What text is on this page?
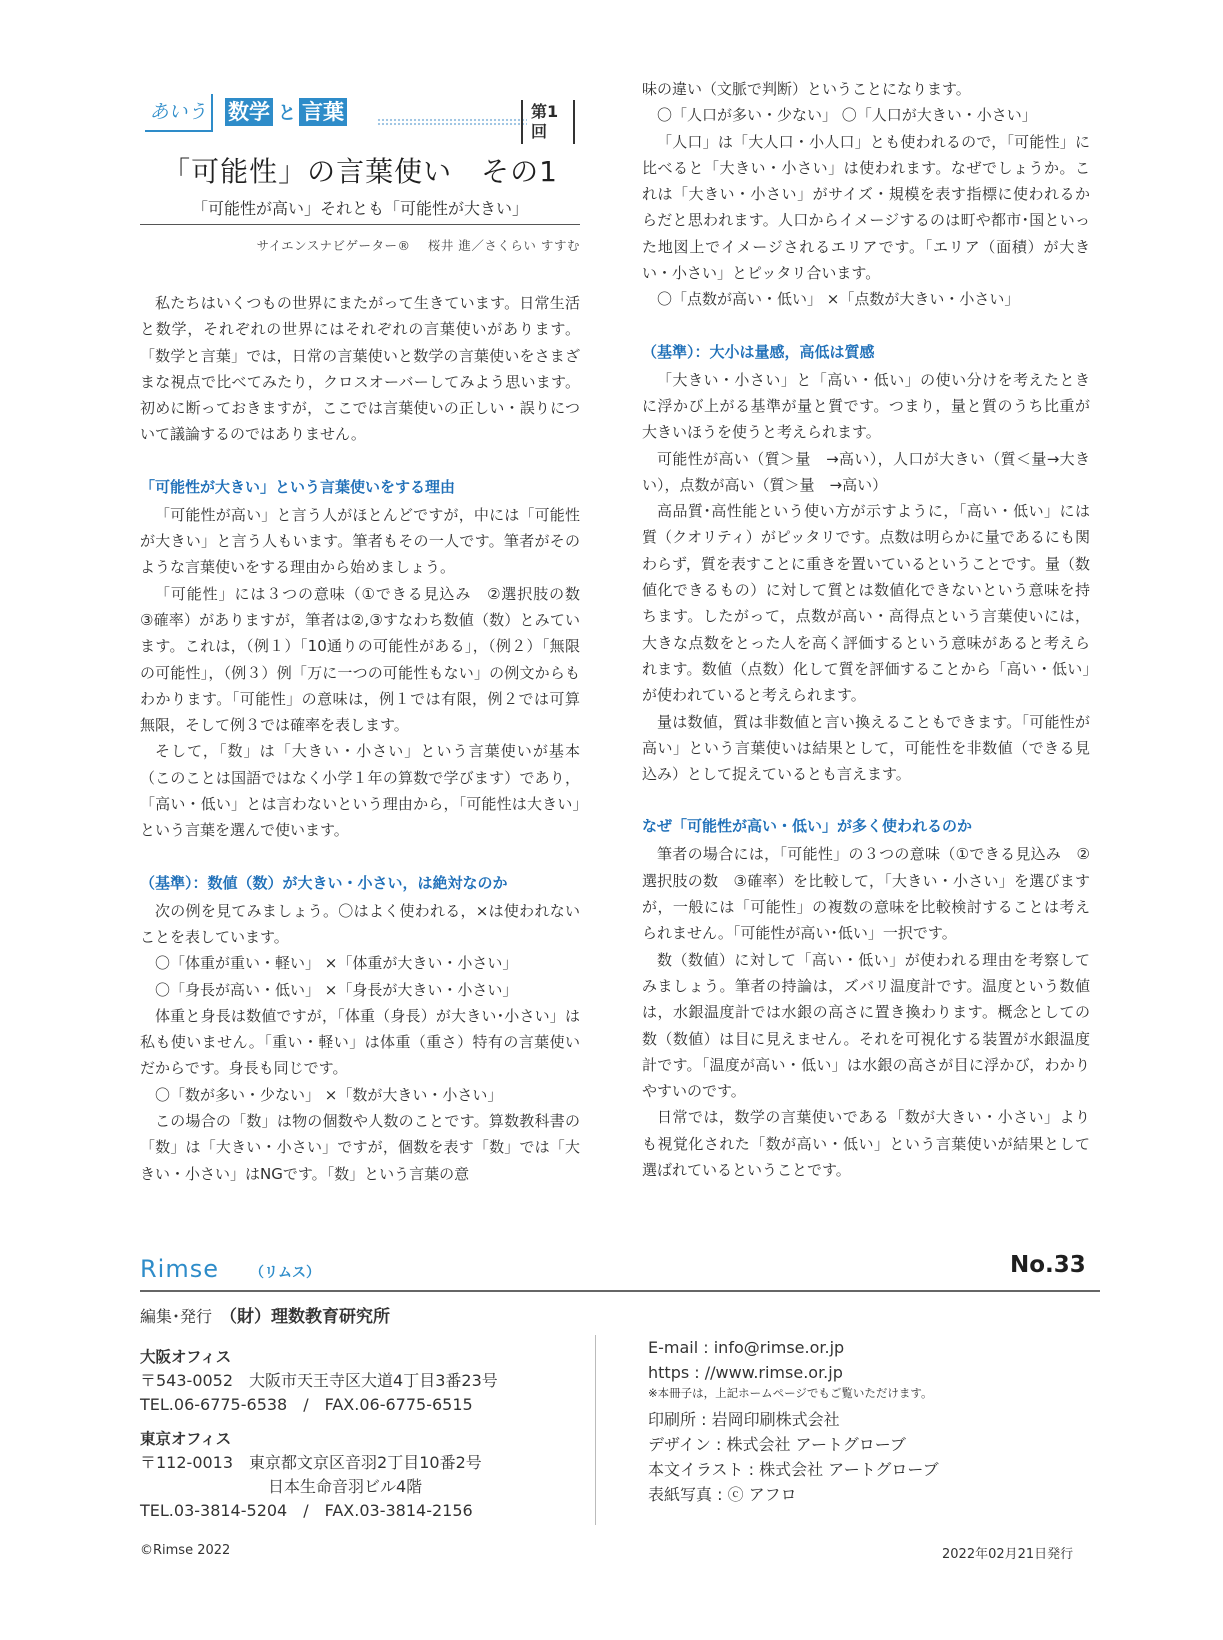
あいう	数学 と 言葉	第1回
「可能性」の言葉使い　その1
「可能性が高い」それとも「可能性が大きい」
サイエンスナビゲーター® 　桜井 進／さくらい すすむ

私たちはいくつもの世界にまたがって生きています。日常生活と数学，それぞれの世界にはそれぞれの言葉使いがあります。「数学と言葉」では，日常の言葉使いと数学の言葉使いをさまざまな視点で比べてみたり，クロスオーバーしてみよう思います。初めに断っておきますが，ここでは言葉使いの正しい・誤りについて議論するのではありません。

「可能性が大きい」という言葉使いをする理由

「可能性が高い」と言う人がほとんどですが，中には「可能性が大きい」と言う人もいます。筆者もその一人です。筆者がそのような言葉使いをする理由から始めましょう。

「可能性」には３つの意味（①できる見込み　②選択肢の数　③確率）がありますが，筆者は②,③すなわち数値（数）とみています。これは，（例１）「10通りの可能性がある」，（例２）「無限の可能性」，（例３）例「万に一つの可能性もない」の例文からもわかります。「可能性」の意味は，例１では有限，例２では可算無限，そして例３では確率を表します。

そして，「数」は「大きい・小さい」という言葉使いが基本（このことは国語ではなく小学１年の算数で学びます）であり，「高い・低い」とは言わないという理由から，「可能性は大きい」という言葉を選んで使います。

（基準）：数値（数）が大きい・小さい，は絶対なのか

次の例を見てみましょう。〇はよく使われる，×は使われないことを表しています。

〇「体重が重い・軽い」 ×「体重が大きい・小さい」

〇「身長が高い・低い」 ×「身長が大きい・小さい」

体重と身長は数値ですが，「体重（身長）が大きい･小さい」は私も使いません。「重い・軽い」は体重（重さ）特有の言葉使いだからです。身長も同じです。

〇「数が多い・少ない」 ×「数が大きい・小さい」

この場合の「数」は物の個数や人数のことです。算数教科書の「数」は「大きい・小さい」ですが，個数を表す「数」では「大きい・小さい」はNGです。「数」という言葉の意

味の違い（文脈で判断）ということになります。

〇「人口が多い・少ない」 〇「人口が大きい・小さい」

「人口」は「大人口・小人口」とも使われるので，「可能性」に比べると「大きい・小さい」は使われます。なぜでしょうか。これは「大きい・小さい」がサイズ・規模を表す指標に使われるからだと思われます。人口からイメージするのは町や都市･国といった地図上でイメージされるエリアです。「エリア（面積）が大きい・小さい」とピッタリ合います。

〇「点数が高い・低い」 ×「点数が大きい・小さい」

（基準）：大小は量感，高低は質感

「大きい・小さい」と「高い・低い」の使い分けを考えたときに浮かび上がる基準が量と質です。つまり，量と質のうち比重が大きいほうを使うと考えられます。

可能性が高い（質＞量　→高い），人口が大きい（質＜量→大きい），点数が高い（質＞量　→高い）

高品質･高性能という使い方が示すように，「高い・低い」には質（クオリティ）がピッタリです。点数は明らかに量であるにも関わらず，質を表すことに重きを置いているということです。量（数値化できるもの）に対して質とは数値化できないという意味を持ちます。したがって，点数が高い・高得点という言葉使いには，大きな点数をとった人を高く評価するという意味があると考えられます。数値（点数）化して質を評価することから「高い・低い」が使われていると考えられます。

量は数値，質は非数値と言い換えることもできます。「可能性が高い」という言葉使いは結果として，可能性を非数値（できる見込み）として捉えているとも言えます。

なぜ「可能性が高い・低い」が多く使われるのか

筆者の場合には，「可能性」の３つの意味（①できる見込み　②選択肢の数　③確率）を比較して，「大きい・小さい」を選びますが，一般には「可能性」の複数の意味を比較検討することは考えられません。「可能性が高い･低い」一択です。

数（数値）に対して「高い・低い」が使われる理由を考察してみましょう。筆者の持論は，ズバリ温度計です。温度という数値は，水銀温度計では水銀の高さに置き換わります。概念としての数（数値）は目に見えません。それを可視化する装置が水銀温度計です。「温度が高い・低い」は水銀の高さが目に浮かび，わかりやすいのです。

日常では，数学の言葉使いである「数が大きい・小さい」よりも視覚化された「数が高い・低い」という言葉使いが結果として選ばれているということです。

Rimse （リムス）	No.33
編集･発行 （財）理数教育研究所
大阪オフィス
〒543-0052　大阪市天王寺区大道4丁目3番23号
TEL.06-6775-6538　/　FAX.06-6775-6515
東京オフィス
〒112-0013　東京都文京区音羽2丁目10番2号
日本生命音羽ビル4階
TEL.03-3814-5204　/　FAX.03-3814-2156
E-mail : info@rimse.or.jp
https : //www.rimse.or.jp
※本冊子は，上記ホームページでもご覧いただけます。
印刷所 : 岩岡印刷株式会社
デザイン : 株式会社 アートグローブ
本文イラスト : 株式会社 アートグローブ
表紙写真 : ⓒ アフロ
©Rimse 2022	2022年02月21日発行
